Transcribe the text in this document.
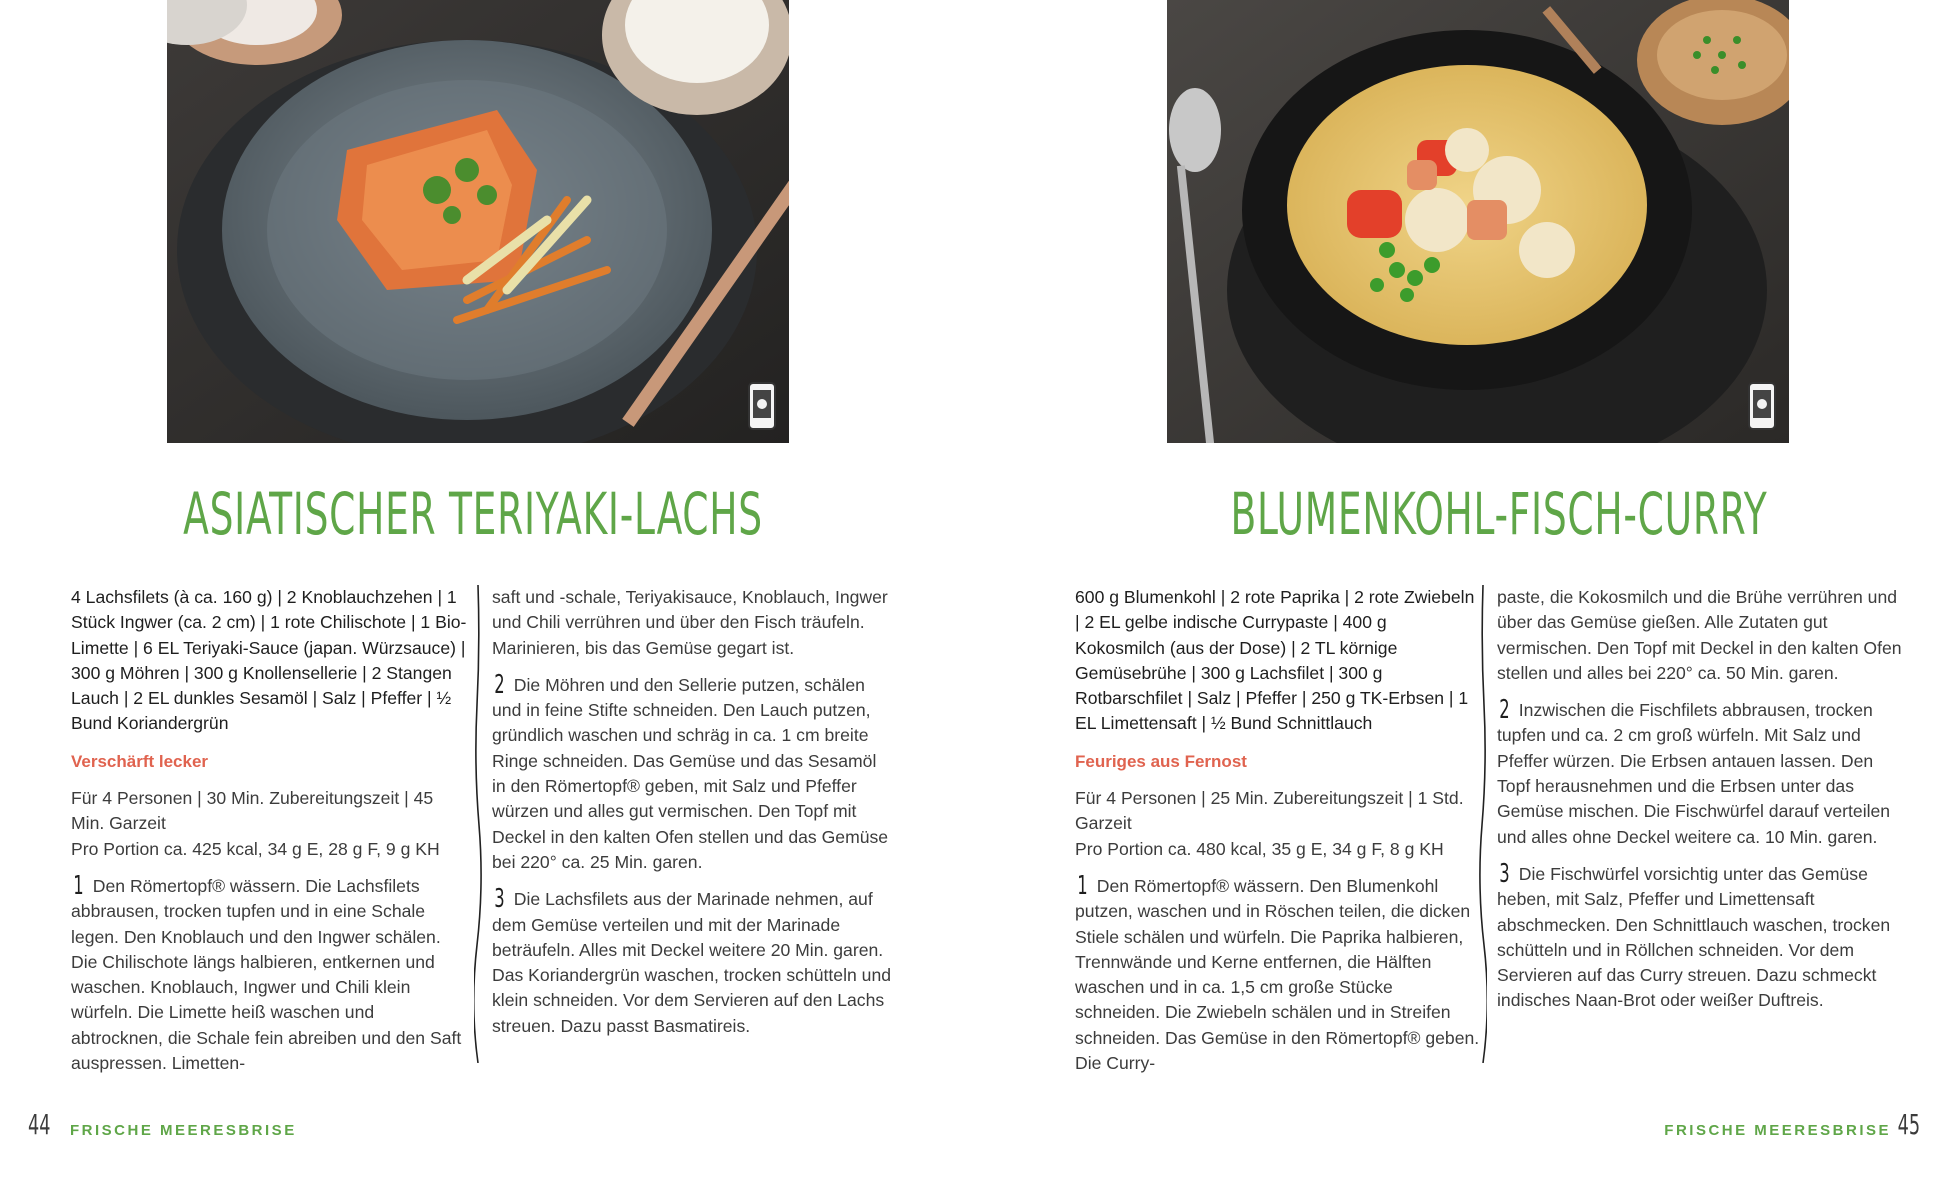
ASIATISCHER TERIYAKI-LACHS
4 Lachsfilets (à ca. 160 g) | 2 Knoblauchzehen | 1 Stück Ingwer (ca. 2 cm) | 1 rote Chilischote | 1 Bio-Limette | 6 EL Teriyaki-Sauce (japan. Würzsauce) | 300 g Möhren | 300 g Knollensellerie | 2 Stangen Lauch | 2 EL dunkles Sesamöl | Salz | Pfeffer | ½ Bund Koriandergrün
Verschärft lecker
Für 4 Personen | 30 Min. Zubereitungszeit | 45 Min. Garzeit
Pro Portion ca. 425 kcal, 34 g E, 28 g F, 9 g KH
1 Den Römertopf® wässern. Die Lachsfilets abbrausen, trocken tupfen und in eine Schale legen. Den Knoblauch und den Ingwer schälen. Die Chilischote längs halbieren, entkernen und waschen. Knoblauch, Ingwer und Chili klein würfeln. Die Limette heiß waschen und abtrocknen, die Schale fein abreiben und den Saft auspressen. Limetten-
saft und -schale, Teriyakisauce, Knoblauch, Ingwer und Chili verrühren und über den Fisch träufeln. Marinieren, bis das Gemüse gegart ist.
2 Die Möhren und den Sellerie putzen, schälen und in feine Stifte schneiden. Den Lauch putzen, gründlich waschen und schräg in ca. 1 cm breite Ringe schneiden. Das Gemüse und das Sesamöl in den Römertopf® geben, mit Salz und Pfeffer würzen und alles gut vermischen. Den Topf mit Deckel in den kalten Ofen stellen und das Gemüse bei 220° ca. 25 Min. garen.
3 Die Lachsfilets aus der Marinade nehmen, auf dem Gemüse verteilen und mit der Marinade beträufeln. Alles mit Deckel weitere 20 Min. garen. Das Koriandergrün waschen, trocken schütteln und klein schneiden. Vor dem Servieren auf den Lachs streuen. Dazu passt Basmatireis.
44 FRISCHE MEERESBRISE
BLUMENKOHL-FISCH-CURRY
600 g Blumenkohl | 2 rote Paprika | 2 rote Zwiebeln | 2 EL gelbe indische Currypaste | 400 g Kokosmilch (aus der Dose) | 2 TL körnige Gemüsebrühe | 300 g Lachsfilet | 300 g Rotbarschfilet | Salz | Pfeffer | 250 g TK-Erbsen | 1 EL Limettensaft | ½ Bund Schnittlauch
Feuriges aus Fernost
Für 4 Personen | 25 Min. Zubereitungszeit | 1 Std. Garzeit
Pro Portion ca. 480 kcal, 35 g E, 34 g F, 8 g KH
1 Den Römertopf® wässern. Den Blumenkohl putzen, waschen und in Röschen teilen, die dicken Stiele schälen und würfeln. Die Paprika halbieren, Trennwände und Kerne entfernen, die Hälften waschen und in ca. 1,5 cm große Stücke schneiden. Die Zwiebeln schälen und in Streifen schneiden. Das Gemüse in den Römertopf® geben. Die Curry-
paste, die Kokosmilch und die Brühe verrühren und über das Gemüse gießen. Alle Zutaten gut vermischen. Den Topf mit Deckel in den kalten Ofen stellen und alles bei 220° ca. 50 Min. garen.
2 Inzwischen die Fischfilets abbrausen, trocken tupfen und ca. 2 cm groß würfeln. Mit Salz und Pfeffer würzen. Die Erbsen antauen lassen. Den Topf herausnehmen und die Erbsen unter das Gemüse mischen. Die Fischwürfel darauf verteilen und alles ohne Deckel weitere ca. 10 Min. garen.
3 Die Fischwürfel vorsichtig unter das Gemüse heben, mit Salz, Pfeffer und Limettensaft abschmecken. Den Schnittlauch waschen, trocken schütteln und in Röllchen schneiden. Vor dem Servieren auf das Curry streuen. Dazu schmeckt indisches Naan-Brot oder weißer Duftreis.
FRISCHE MEERESBRISE 45
